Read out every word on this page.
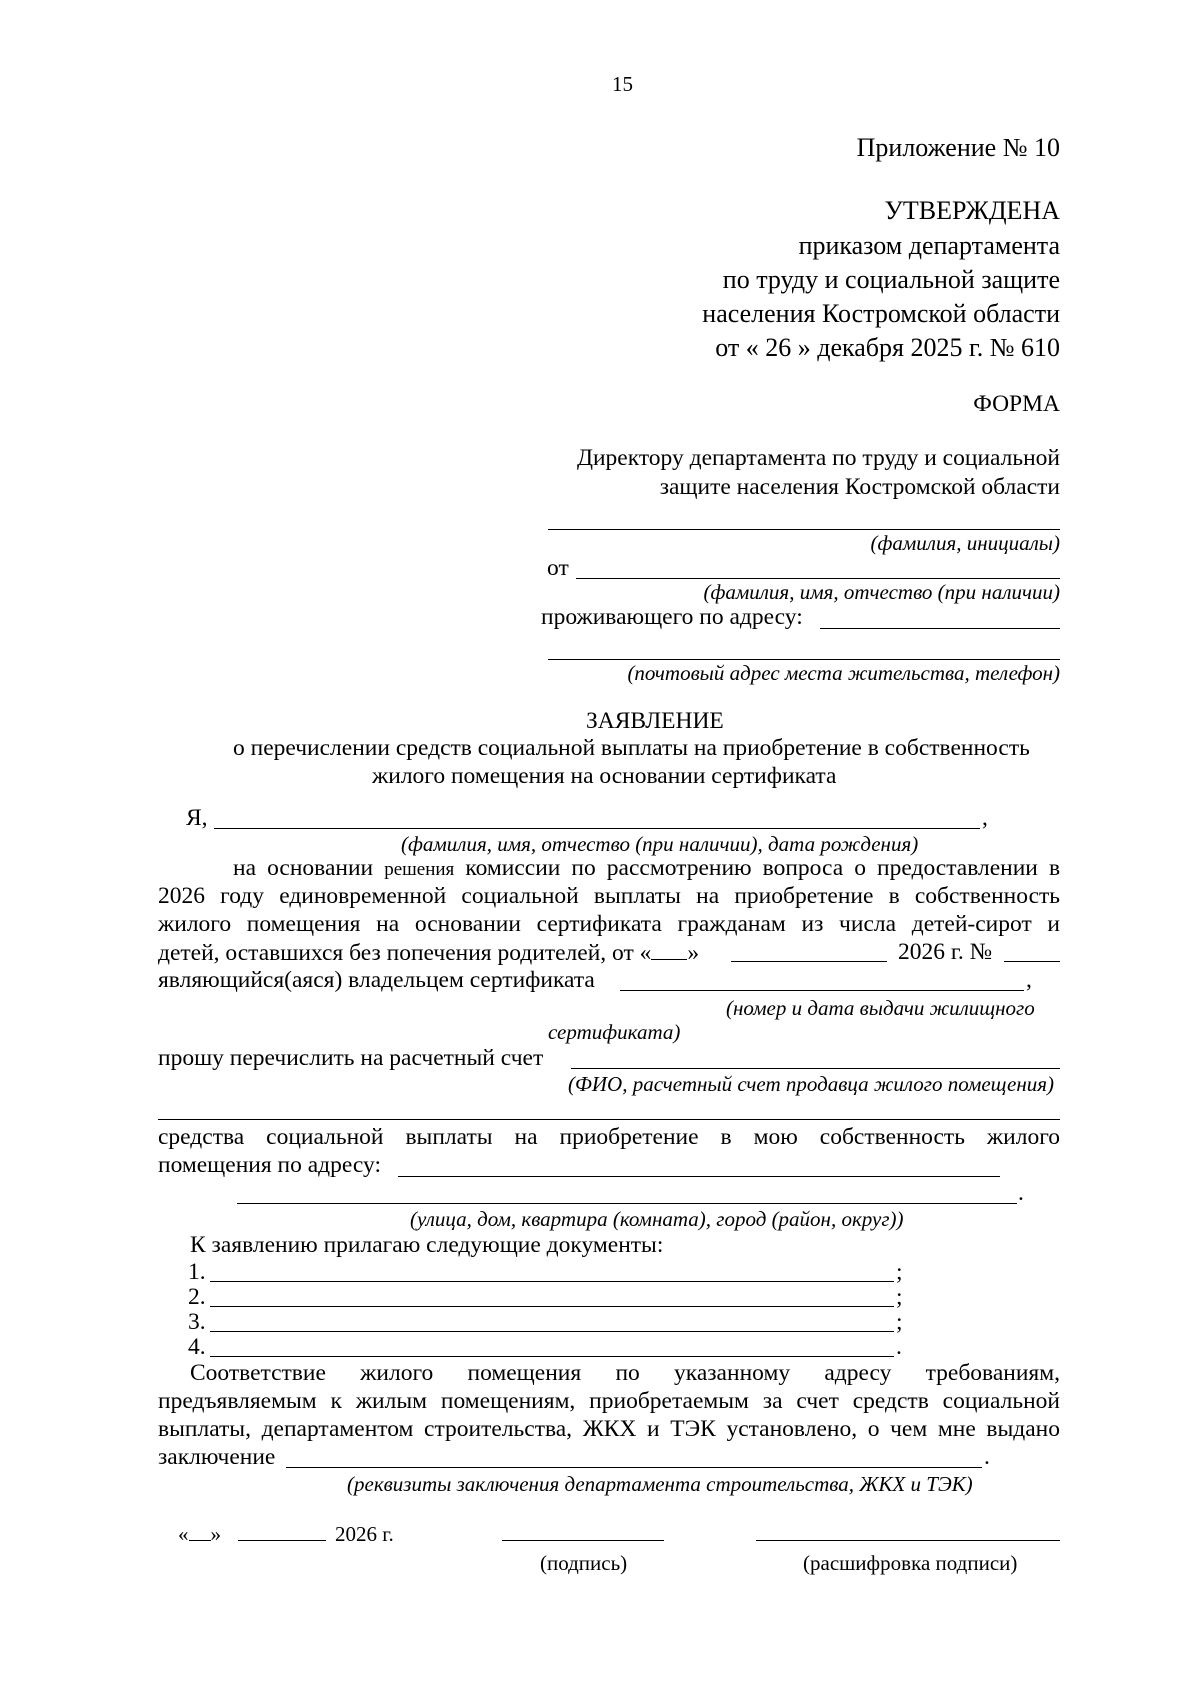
15
Приложение № 10
УТВЕРЖДЕНА
приказом департамента
по труду и социальной защите
населения Костромской области
от « 26 » декабря 2025 г. № 610
ФОРМА
Директору департамента по труду и социальной
защите населения Костромской области
(фамилия, инициалы)
от
(фамилия, имя, отчество (при наличии)
проживающего по адресу:
(почтовый адрес места жительства, телефон)
ЗАЯВЛЕНИЕ
о перечислении средств социальной выплаты на приобретение в собственность
жилого помещения на основании сертификата
Я,	,
(фамилия, имя, отчество (при наличии), дата рождения)
на основании решения комиссии по рассмотрению вопроса о предоставлении в
2026 году единовременной социальной выплаты на приобретение в собственность
жилого помещения на основании сертификата гражданам из числа детей-сирот и
детей, оставшихся без попечения родителей, от « »	2026 г. №
являющийся(аяся) владельцем сертификата	,
(номер и дата выдачи жилищного
сертификата)
прошу перечислить на расчетный счет
(ФИО, расчетный счет продавца жилого помещения)
средства социальной выплаты на приобретение в мою собственность жилого
помещения по адресу:
.
(улица, дом, квартира (комната), город (район, округ))
К заявлению прилагаю следующие документы:
1.	;
2.	;
3.	;
4.	.
Соответствие жилого помещения по указанному адресу требованиям,
предъявляемым к жилым помещениям, приобретаемым за счет средств социальной
выплаты, департаментом строительства, ЖКХ и ТЭК установлено, о чем мне выдано
заключение	.
(реквизиты заключения департамента строительства, ЖКХ и ТЭК)
« »	2026 г.
(подпись)	(расшифровка подписи)
